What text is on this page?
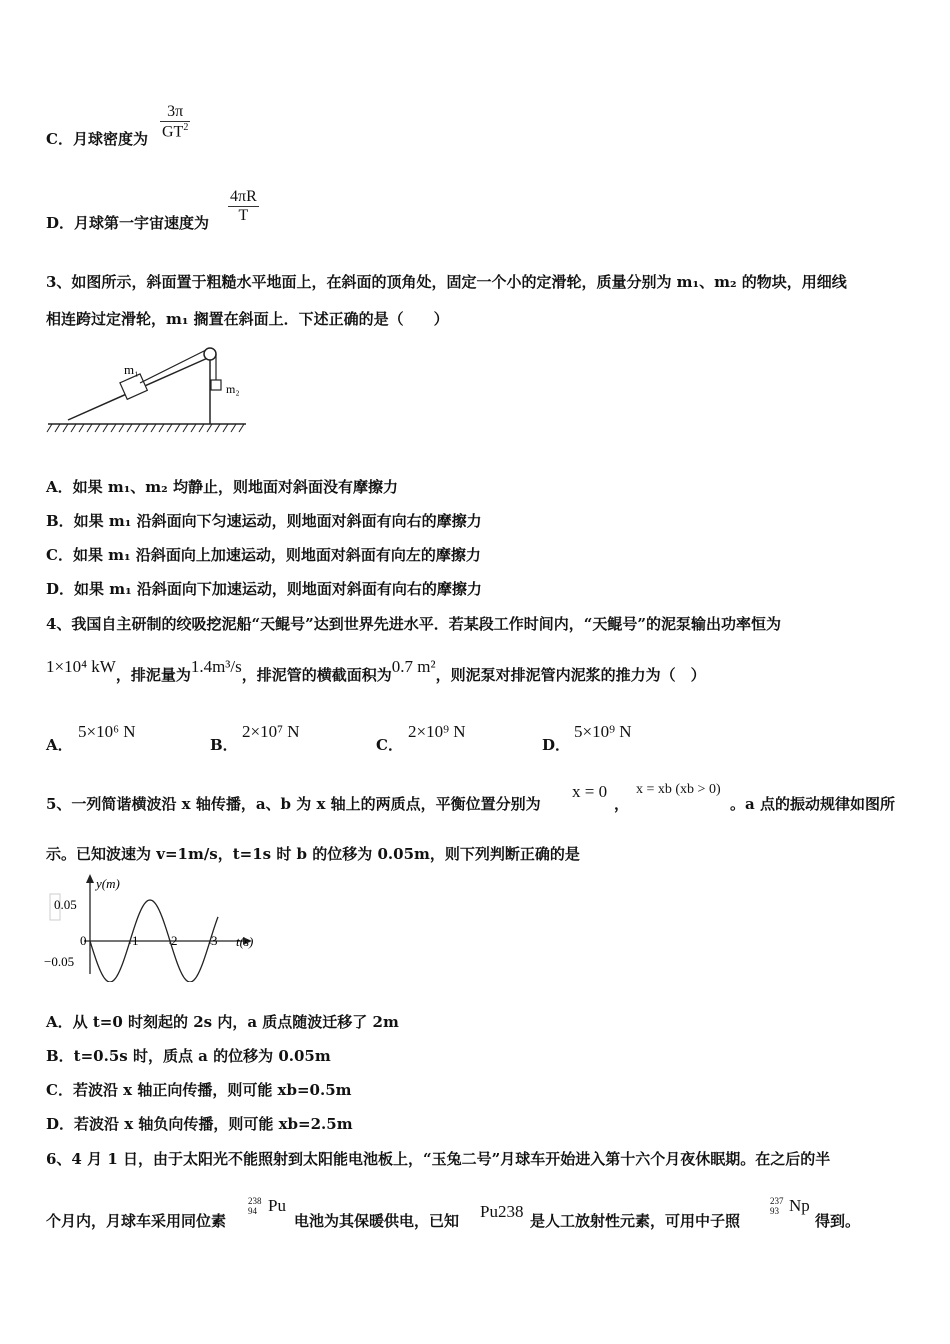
C．月球密度为 $\frac{3\pi}{GT^2}$
D．月球第一宇宙速度为 $\frac{4\pi R}{T}$
3、如图所示，斜面置于粗糙水平地面上，在斜面的顶角处，固定一个小的定滑轮，质量分别为 m₁、m₂ 的物块，用细线
相连跨过定滑轮，m₁ 搁置在斜面上．下述正确的是（　　）
m₁
m₂
A．如果 m₁、m₂ 均静止，则地面对斜面没有摩擦力
B．如果 m₁ 沿斜面向下匀速运动，则地面对斜面有向右的摩擦力
C．如果 m₁ 沿斜面向上加速运动，则地面对斜面有向左的摩擦力
D．如果 m₁ 沿斜面向下加速运动，则地面对斜面有向右的摩擦力
4、我国自主研制的绞吸挖泥船“天鲲号”达到世界先进水平．若某段工作时间内，“天鲲号”的泥泵输出功率恒为
1×10⁴ kW，排泥量为1.4m³/s，排泥管的横截面积为0.7 m²，则泥泵对排泥管内泥浆的推力为（　）
A．
5×10⁶ N
B．
2×10⁷ N
C．
2×10⁹ N
D．
5×10⁹ N
5、一列简谐横波沿 x 轴传播，a、b 为 x 轴上的两质点，平衡位置分别为
x = 0
，
x = xb (xb > 0)
。a 点的振动规律如图所
示。已知波速为 v=1m/s，t=1s 时 b 的位移为 0.05m，则下列判断正确的是
y(m)
t(s)
0	1	2	3
0.05
−0.05
A．从 t=0 时刻起的 2s 内，a 质点随波迁移了 2m
B．t=0.5s 时，质点 a 的位移为 0.05m
C．若波沿 x 轴正向传播，则可能 xb=0.5m
D．若波沿 x 轴负向传播，则可能 xb=2.5m
6、4 月 1 日，由于太阳光不能照射到太阳能电池板上，“玉兔二号”月球车开始进入第十六个月夜休眠期。在之后的半
个月内，月球车采用同位素
238
94 Pu
电池为其保暖供电，已知 Pu238 是人工放射性元素，可用中子照
237
93 Np
得到。
